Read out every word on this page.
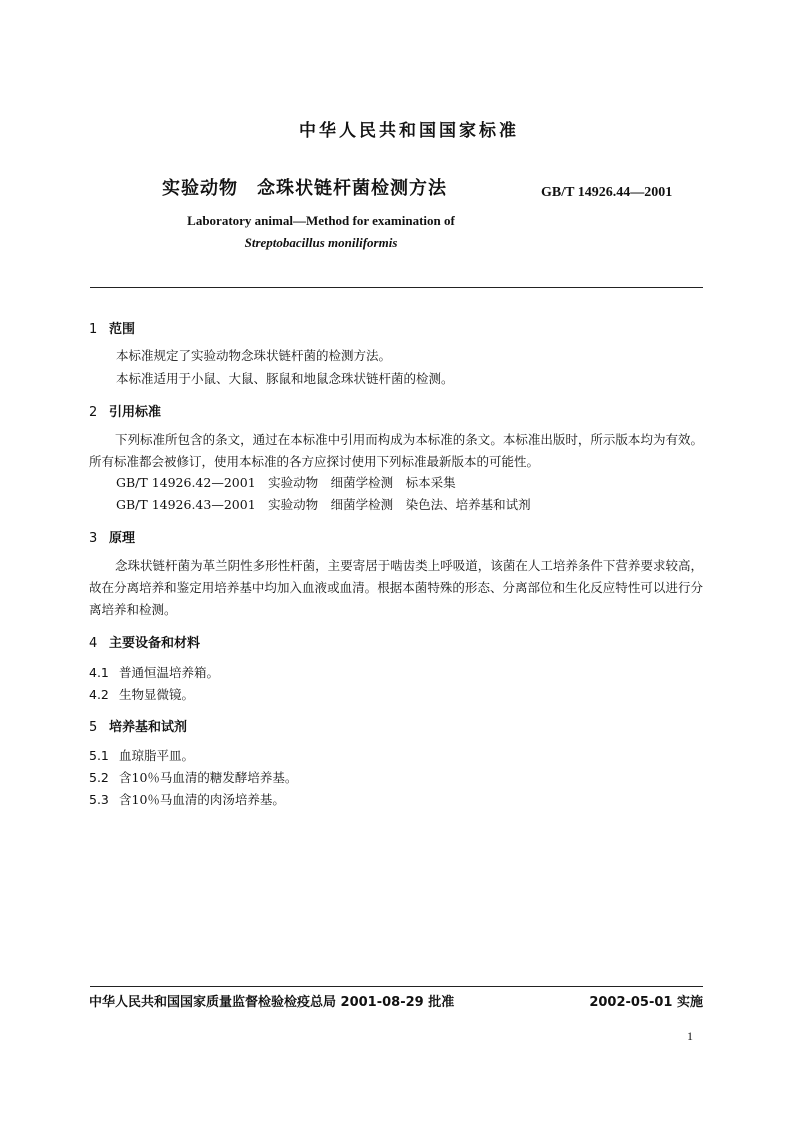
中华人民共和国国家标准
实验动物　念珠状链杆菌检测方法	GB/T 14926.44—2001
Laboratory animal—Method for examination of
Streptobacillus moniliformis
1 范围
本标准规定了实验动物念珠状链杆菌的检测方法。
本标准适用于小鼠、大鼠、豚鼠和地鼠念珠状链杆菌的检测。
2 引用标准
下列标准所包含的条文，通过在本标准中引用而构成为本标准的条文。本标准出版时，所示版本均为有效。所有标准都会被修订，使用本标准的各方应探讨使用下列标准最新版本的可能性。
GB/T 14926.42—2001　实验动物　细菌学检测　标本采集
GB/T 14926.43—2001　实验动物　细菌学检测　染色法、培养基和试剂
3 原理
念珠状链杆菌为革兰阴性多形性杆菌，主要寄居于啮齿类上呼吸道，该菌在人工培养条件下营养要求较高，故在分离培养和鉴定用培养基中均加入血液或血清。根据本菌特殊的形态、分离部位和生化反应特性可以进行分离培养和检测。
4 主要设备和材料
4.1 普通恒温培养箱。
4.2 生物显微镜。
5 培养基和试剂
5.1 血琼脂平皿。
5.2 含10％马血清的糖发酵培养基。
5.3 含10％马血清的肉汤培养基。
中华人民共和国国家质量监督检验检疫总局 2001-08-29 批准	2002-05-01 实施
1
